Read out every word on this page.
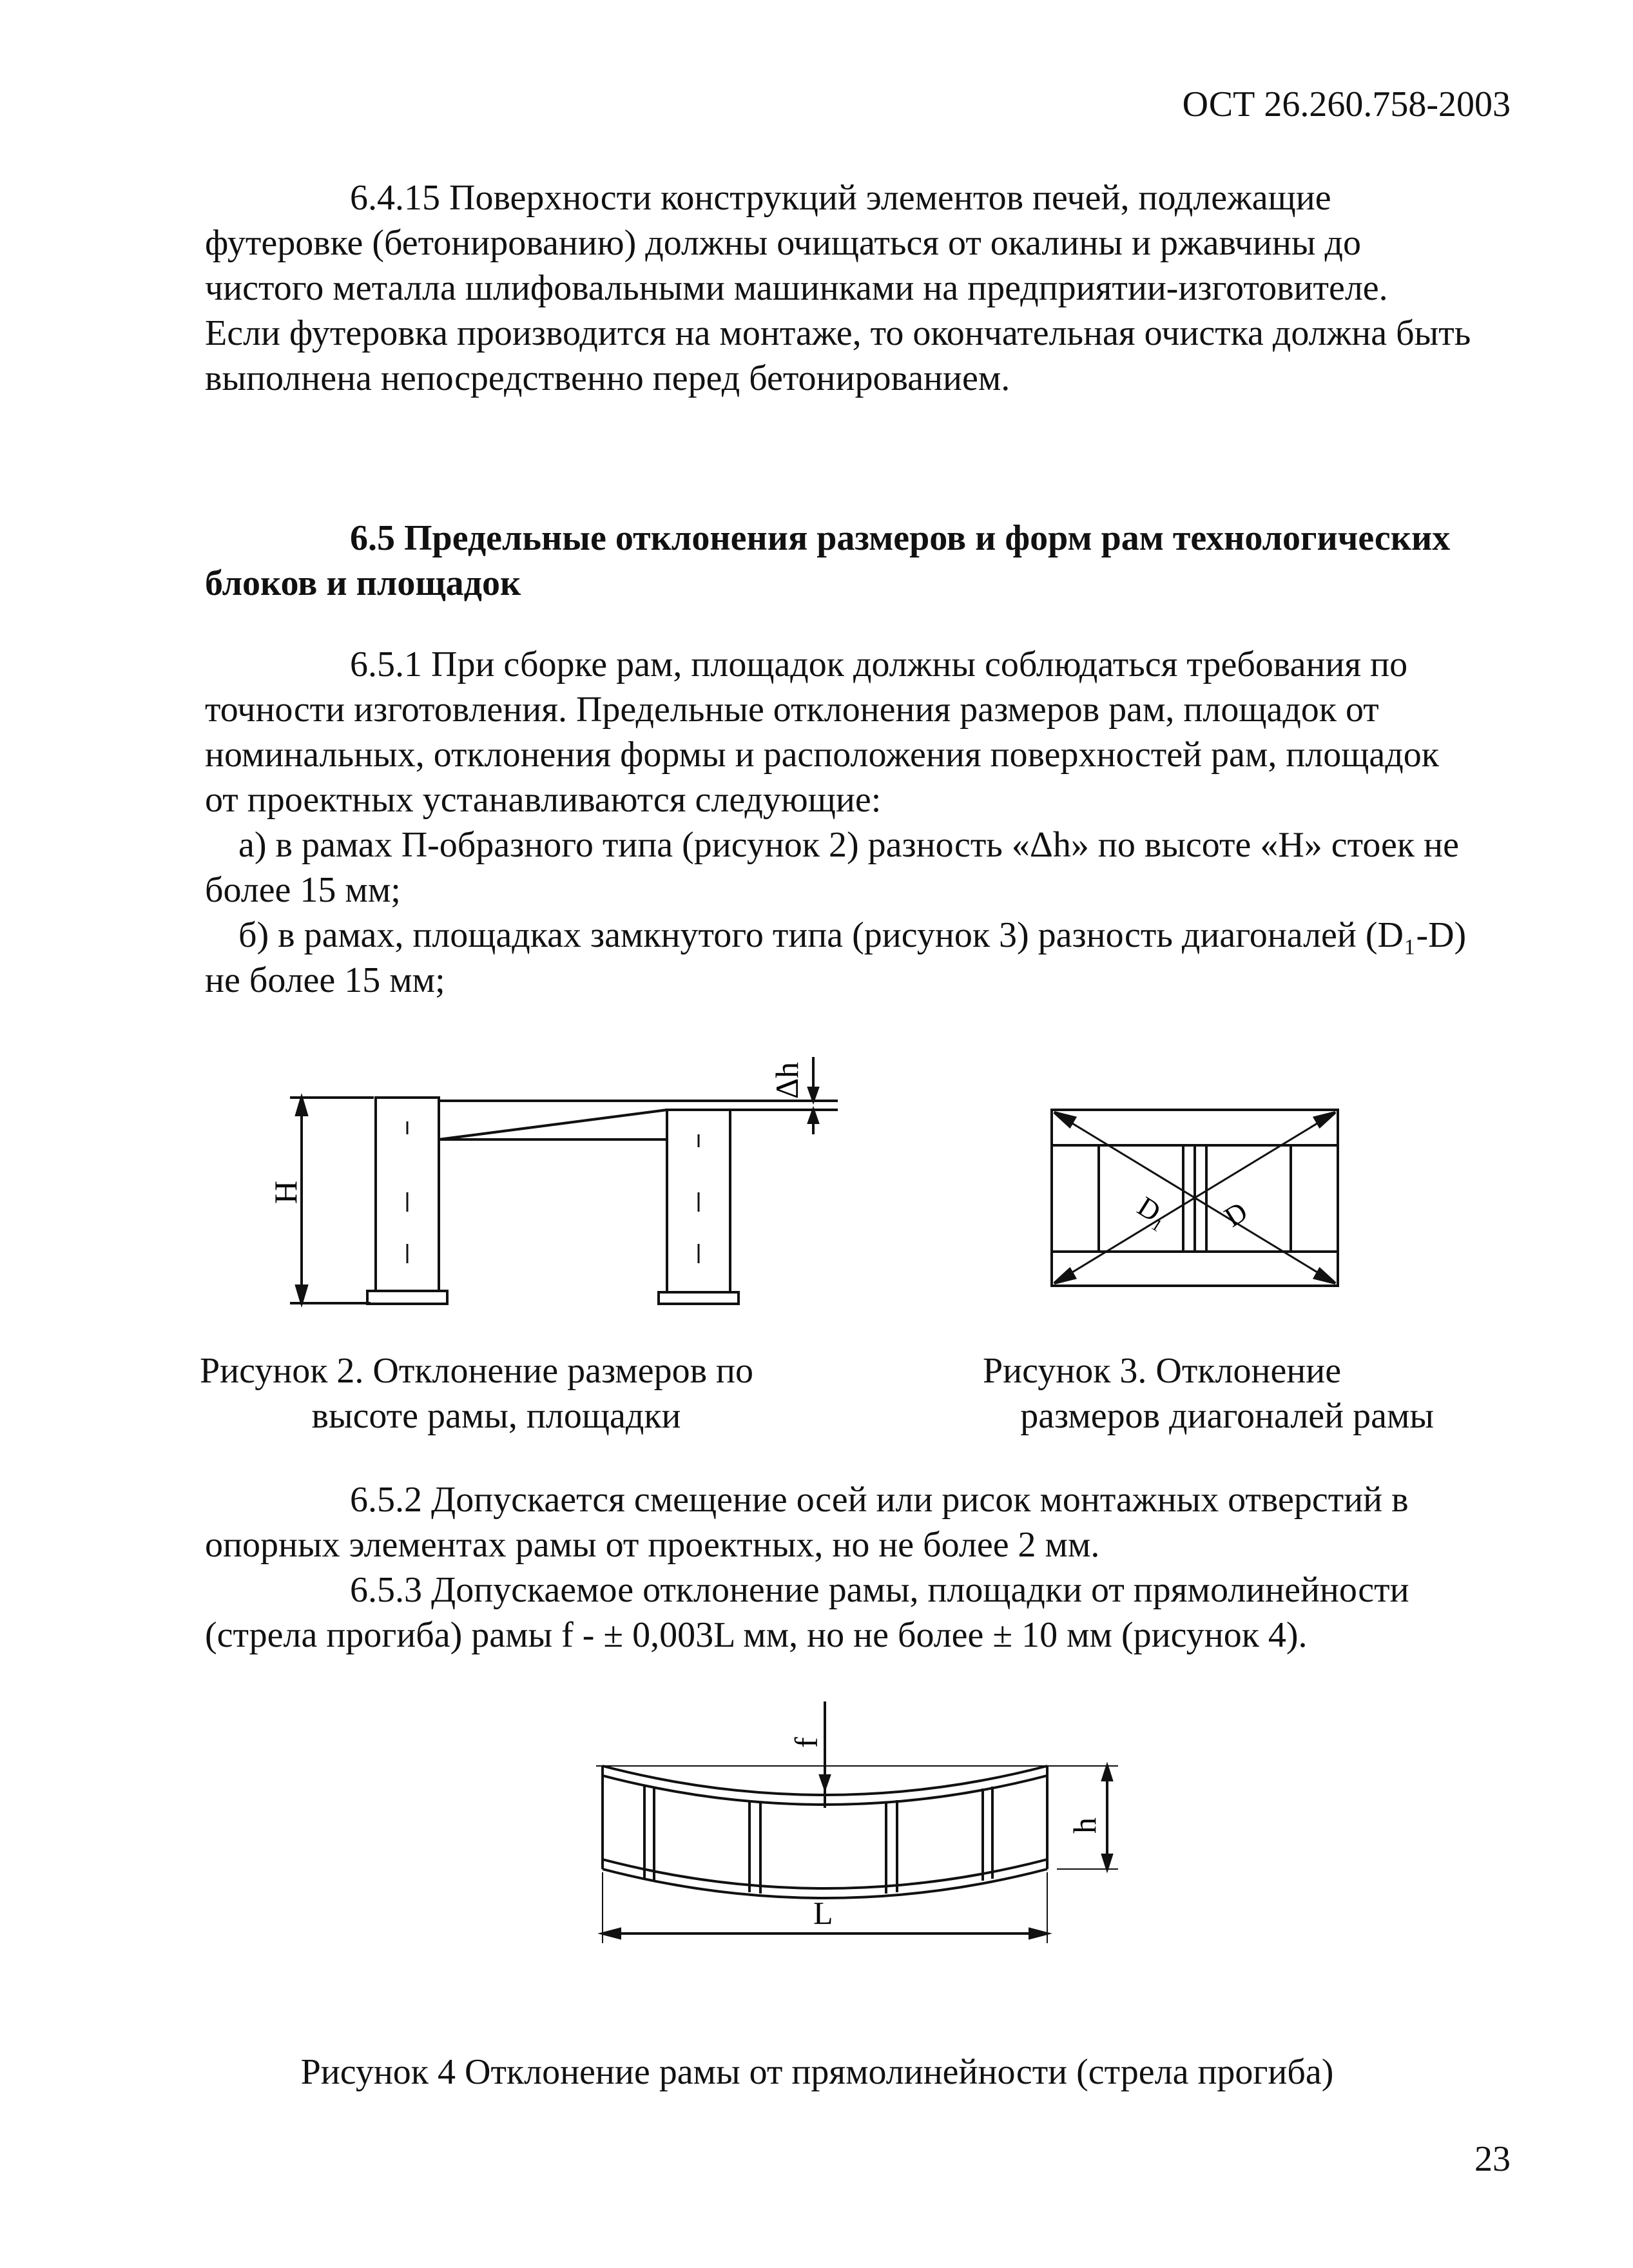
ОСТ 26.260.758-2003

6.4.15 Поверхности конструкций элементов печей, подлежащие

футеровке (бетонированию) должны очищаться от окалины и ржавчины до

чистого металла шлифовальными машинками на предприятии-изготовителе.

Если футеровка производится на монтаже, то окончательная очистка должна быть

выполнена непосредственно перед бетонированием.

6.5 Предельные отклонения размеров и форм рам технологических
блоков и площадок

6.5.1 При сборке рам, площадок должны соблюдаться требования по

точности изготовления. Предельные отклонения размеров рам, площадок от

номинальных, отклонения формы и расположения поверхностей рам, площадок

от проектных устанавливаются следующие:

а) в рамах П-образного типа (рисунок 2) разность «Δh» по высоте «H» стоек не

более 15 мм;

б) в рамах, площадках замкнутого типа (рисунок 3) разность диагоналей (D₁-D)

не более 15 мм;

H
Δh
D₁ D
f
h
L
Рисунок 2. Отклонение размеров по
высоте рамы, площадки
Рисунок 3. Отклонение
размеров диагоналей рамы

6.5.2 Допускается смещение осей или рисок монтажных отверстий в

опорных элементах рамы от проектных, но не более 2 мм.

6.5.3 Допускаемое отклонение рамы, площадки от прямолинейности

(стрела прогиба) рамы f - ± 0,003L мм, но не более ± 10 мм (рисунок 4).

Рисунок 4 Отклонение рамы от прямолинейности (стрела прогиба)
23
